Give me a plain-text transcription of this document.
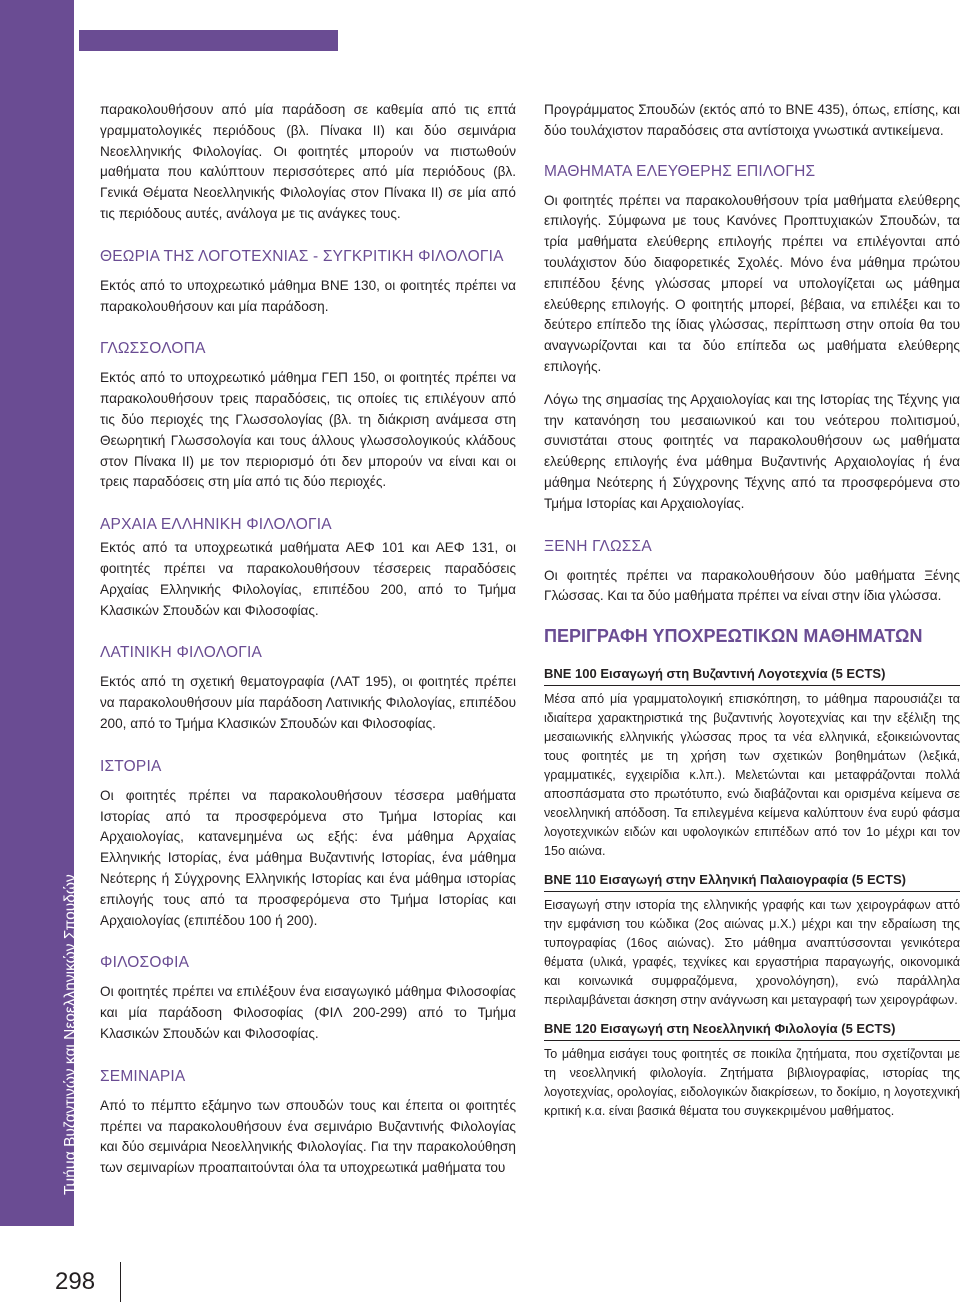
Τμήμα Βυζαντινών και Νεοελληνικών Σπουδών

παρακολουθήσουν από μία παράδοση σε καθεμία από τις επτά γραμματολογικές περιόδους (βλ. Πίνακα ΙΙ) και δύο σεμινάρια Νεοελληνικής Φιλολογίας. Οι φοιτητές μπορούν να πιστωθούν μαθήματα που καλύπτουν περισσότερες από μία περιόδους (βλ. Γενικά Θέματα Νεοελληνικής Φιλολογίας στον Πίνακα ΙΙ) σε μία από τις περιόδους αυτές, ανάλογα με τις ανάγκες τους.

ΘΕΩΡΙΑ ΤΗΣ ΛΟΓΟΤΕΧΝΙΑΣ - ΣΥΓΚΡΙΤΙΚΗ ΦΙΛΟΛΟΓΙΑ

Εκτός από το υποχρεωτικό μάθημα ΒΝΕ 130, οι φοιτητές πρέπει να παρακολουθήσουν και μία παράδοση.

ΓΛΩΣΣΟΛΟΠΑ

Εκτός από το υποχρεωτικό μάθημα ΓΕΠ 150, οι φοιτητές πρέπει να παρακολουθήσουν τρεις παραδόσεις, τις οποίες τις επιλέγουν από τις δύο περιοχές της Γλωσσολογίας (βλ. τη διάκριση ανάμεσα στη Θεωρητική Γλωσσολογία και τους άλλους γλωσσολογικούς κλάδους στον Πίνακα ΙΙ) με τον περιορισμό ότι δεν μπορούν να είναι και οι τρεις παραδόσεις στη μία από τις δύο περιοχές.

ΑΡΧΑΙΑ ΕΛΛΗΝΙΚΗ ΦΙΛΟΛΟΓΙΑ

Εκτός από τα υποχρεωτικά μαθήματα ΑΕΦ 101 και ΑΕΦ 131, οι φοιτητές πρέπει να παρακολουθήσουν τέσσερεις παραδόσεις Αρχαίας Ελληνικής Φιλολογίας, επιπέδου 200, από το Τμήμα Κλασικών Σπουδών και Φιλοσοφίας.

ΛΑΤΙΝΙΚΗ ΦΙΛΟΛΟΓΙΑ

Εκτός από τη σχετική θεματογραφία (ΛΑΤ 195), οι φοιτητές πρέπει να παρακολουθήσουν μία παράδοση Λατινικής Φιλολογίας, επιπέδου 200, από το Τμήμα Κλασικών Σπουδών και Φιλοσοφίας.

ΙΣΤΟΡΙΑ

Οι φοιτητές πρέπει να παρακολουθήσουν τέσσερα μαθήματα Ιστορίας από τα προσφερόμενα στο Τμήμα Ιστορίας και Αρχαιολογίας, κατανεμημένα ως εξής: ένα μάθημα Αρχαίας Ελληνικής Ιστορίας, ένα μάθημα Βυζαντινής Ιστορίας, ένα μάθημα Νεότερης ή Σύγχρονης Ελληνικής Ιστορίας και ένα μάθημα ιστορίας επιλογής τους από τα προσφερόμενα στο Τμήμα Ιστορίας και Αρχαιολογίας (επιπέδου 100 ή 200).

ΦΙΛΟΣΟΦΙΑ

Οι φοιτητές πρέπει να επιλέξουν ένα εισαγωγικό μάθημα Φιλοσοφίας και μία παράδοση Φιλοσοφίας (ΦΙΛ 200-299) από το Τμήμα Κλασικών Σπουδών και Φιλοσοφίας.

ΣΕΜΙΝΑΡΙΑ

Από το πέμπτο εξάμηνο των σπουδών τους και έπειτα οι φοιτητές πρέπει να παρακολουθήσουν ένα σεμινάριο Βυζαντινής Φιλολογίας και δύο σεμινάρια Νεοελληνικής Φιλολογίας. Για την παρακολούθηση των σεμιναρίων προαπαιτούνται όλα τα υποχρεωτικά μαθήματα του

Προγράμματος Σπουδών (εκτός από το ΒΝΕ 435), όπως, επίσης, και δύο τουλάχιστον παραδόσεις στα αντίστοιχα γνωστικά αντικείμενα.

ΜΑΘΗΜΑΤΑ ΕΛΕΥΘΕΡΗΣ ΕΠΙΛΟΓΗΣ

Οι φοιτητές πρέπει να παρακολουθήσουν τρία μαθήματα ελεύθερης επιλογής. Σύμφωνα με τους Κανόνες Προπτυχιακών Σπουδών, τα τρία μαθήματα ελεύθερης επιλογής πρέπει να επιλέγονται από τουλάχιστον δύο διαφορετικές Σχολές. Μόνο ένα μάθημα πρώτου επιπέδου ξένης γλώσσας μπορεί να υπολογίζεται ως μάθημα ελεύθερης επιλογής. Ο φοιτητής μπορεί, βέβαια, να επιλέξει και το δεύτερο επίπεδο της ίδιας γλώσσας, περίπτωση στην οποία θα του αναγνωρίζονται και τα δύο επίπεδα ως μαθήματα ελεύθερης επιλογής.

Λόγω της σημασίας της Αρχαιολογίας και της Ιστορίας της Τέχνης για την κατανόηση του μεσαιωνικού και του νεότερου πολιτισμού, συνιστάται στους φοιτητές να παρακολουθήσουν ως μαθήματα ελεύθερης επιλογής ένα μάθημα Βυζαντινής Αρχαιολογίας ή ένα μάθημα Νεότερης ή Σύγχρονης Τέχνης από τα προσφερόμενα στο Τμήμα Ιστορίας και Αρχαιολογίας.

ΞΕΝΗ ΓΛΩΣΣΑ

Οι φοιτητές πρέπει να παρακολουθήσουν δύο μαθήματα Ξένης Γλώσσας. Και τα δύο μαθήματα πρέπει να είναι στην ίδια γλώσσα.

ΠΕΡΙΓΡΑΦΗ ΥΠΟΧΡΕΩΤΙΚΩΝ ΜΑΘΗΜΑΤΩΝ
ΒΝΕ 100 Εισαγωγή στη Βυζαντινή Λογοτεχνία (5 ECTS)

Μέσα από μία γραμματολογική επισκόπηση, το μάθημα παρουσιάζει τα ιδιαίτερα χαρακτηριστικά της βυζαντινής λογοτεχνίας και την εξέλιξη της μεσαιωνικής ελληνικής γλώσσας προς τα νέα ελληνικά, εξοικειώνοντας τους φοιτητές με τη χρήση των σχετικών βοηθημάτων (λεξικά, γραμματικές, εγχειρίδια κ.λπ.). Μελετώνται και μεταφράζονται πολλά αποσπάσματα στο πρωτότυπο, ενώ διαβάζονται και ορισμένα κείμενα σε νεοελληνική απόδοση. Τα επιλεγμένα κείμενα καλύπτουν ένα ευρύ φάσμα λογοτεχνικών ειδών και υφολογικών επιπέδων από τον 1ο μέχρι και τον 15ο αιώνα.

ΒΝΕ 110 Εισαγωγή στην Ελληνική Παλαιογραφία (5 ECTS)

Εισαγωγή στην ιστορία της ελληνικής γραφής και των χειρογράφων αττό την εμφάνιση του κώδικα (2ος αιώνας μ.Χ.) μέχρι και την εδραίωση της τυπογραφίας (16ος αιώνας). Στο μάθημα αναπτύσσονται γενικότερα θέματα (υλικά, γραφές, τεχνίκες και εργαστήρια παραγωγής, οικονομικά και κοινωνικά συμφραζόμενα, χρονολόγηση), ενώ παράλληλα περιλαμβάνεται άσκηση στην ανάγνωση και μεταγραφή των χειρογράφων.

ΒΝΕ 120 Εισαγωγή στη Νεοελληνική Φιλολογία (5 ECTS)

Το μάθημα εισάγει τους φοιτητές σε ποικίλα ζητήματα, που σχετίζονται με τη νεοελληνική φιλολογία. Ζητήματα βιβλιογραφίας, ιστορίας της λογοτεχνίας, ορολογίας, ειδολογικών διακρίσεων, το δοκίμιο, η λογοτεχνική κριτική κ.α. είναι βασικά θέματα του συγκεκριμένου μαθήματος.

298
